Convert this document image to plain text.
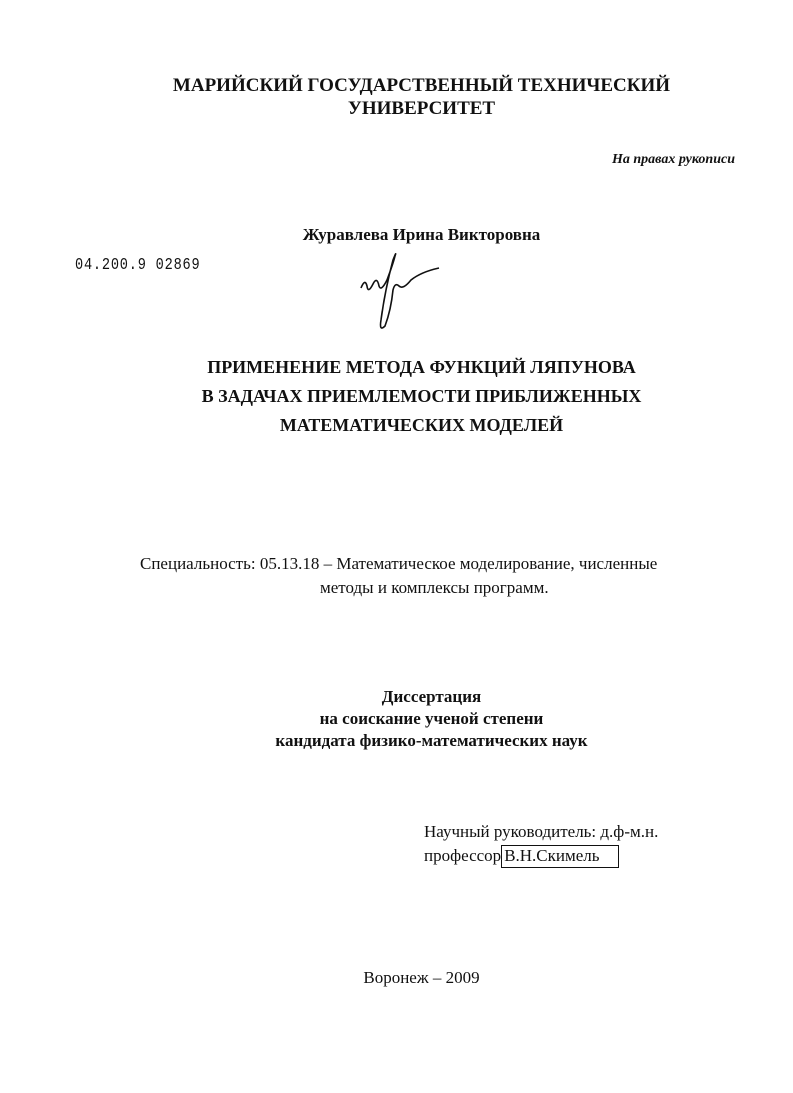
МАРИЙСКИЙ ГОСУДАРСТВЕННЫЙ ТЕХНИЧЕСКИЙ
УНИВЕРСИТЕТ
На правах рукописи
Журавлева Ирина Викторовна
04.200.9 02869
ПРИМЕНЕНИЕ МЕТОДА ФУНКЦИЙ ЛЯПУНОВА
В ЗАДАЧАХ ПРИЕМЛЕМОСТИ ПРИБЛИЖЕННЫХ
МАТЕМАТИЧЕСКИХ МОДЕЛЕЙ
Специальность: 05.13.18 – Математическое моделирование, численные
методы и комплексы программ.
Диссертация
на соискание ученой степени
кандидата физико-математических наук
Научный руководитель: д.ф-м.н.
профессор В.Н.Скимель
Воронеж – 2009
